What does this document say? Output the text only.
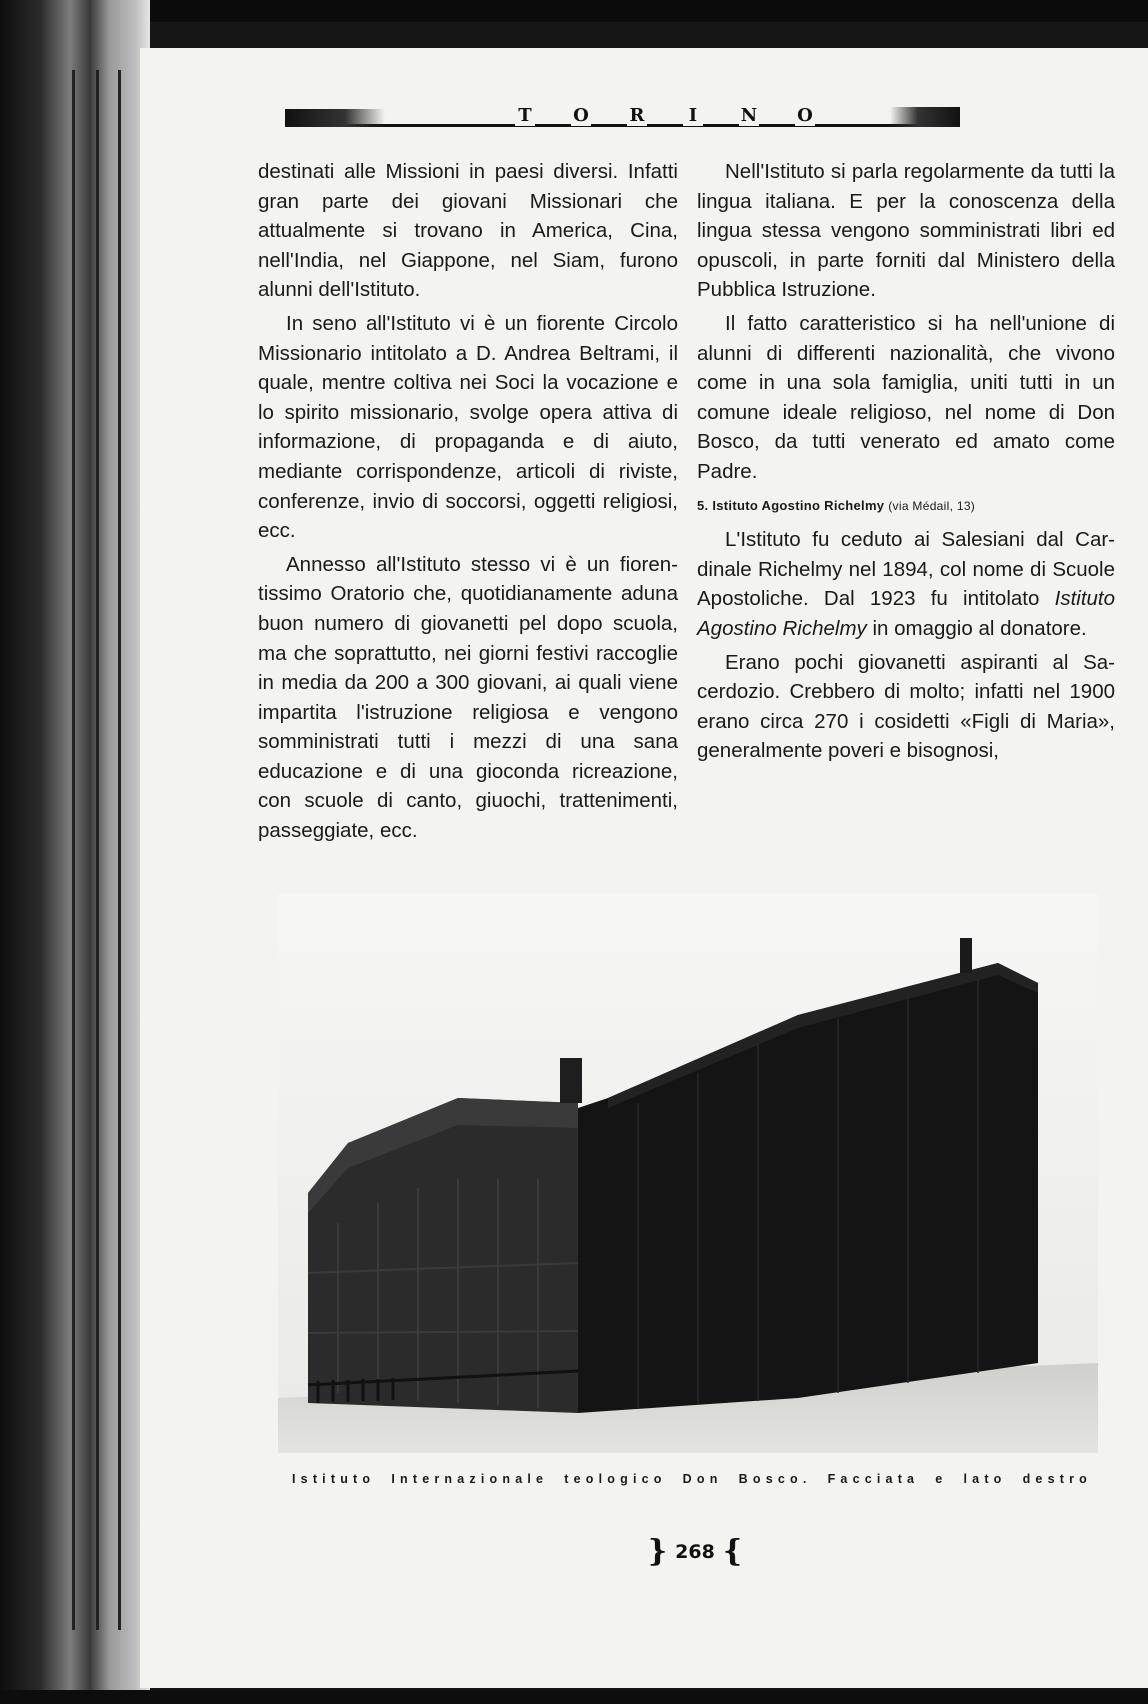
T O R	I	N O

destinati alle Missioni in paesi diversi. Infatti gran parte dei giovani Missionari che attualmente si trovano in America, Cina, nell'India, nel Giappone, nel Siam, furono alunni dell'Istituto.

In seno all'Istituto vi è un fiorente Circolo Missionario intitolato a D. Andrea Beltrami, il quale, mentre coltiva nei Soci la vocazione e lo spirito missionario, svolge opera attiva di informazione, di propaganda e di aiuto, mediante corrispondenze, articoli di riviste, conferenze, invio di soccorsi, oggetti religiosi, ecc.

Annesso all'Istituto stesso vi è un fiorentissimo Oratorio che, quotidianamente aduna buon numero di giovanetti pel dopo scuola, ma che soprattutto, nei giorni festivi raccoglie in media da 200 a 300 giovani, ai quali viene impartita l'istruzione religiosa e vengono somministrati tutti i mezzi di una sana educazione e di una gioconda ricreazione, con scuole di canto, giuochi, trattenimenti, passeggiate, ecc.

Nell'Istituto si parla regolarmente da tutti la lingua italiana. E per la conoscenza della lingua stessa vengono somministrati libri ed opuscoli, in parte forniti dal Ministero della Pubblica Istruzione.

Il fatto caratteristico si ha nell'unione di alunni di differenti nazionalità, che vivono come in una sola famiglia, uniti tutti in un comune ideale religioso, nel nome di Don Bosco, da tutti venerato ed amato come Padre.

5. Istituto Agostino Richelmy (via Médail, 13)

L'Istituto fu ceduto ai Salesiani dal Cardinale Richelmy nel 1894, col nome di Scuole Apostoliche. Dal 1923 fu intitolato Istituto Agostino Richelmy in omaggio al donatore.

Erano pochi giovanetti aspiranti al Sacerdozio. Crebbero di molto; infatti nel 1900 erano circa 270 i cosidetti «Figli di Maria», generalmente poveri e bisognosi,

Istituto Internazionale teologico Don Bosco. Facciata e lato destro
} 268 {
